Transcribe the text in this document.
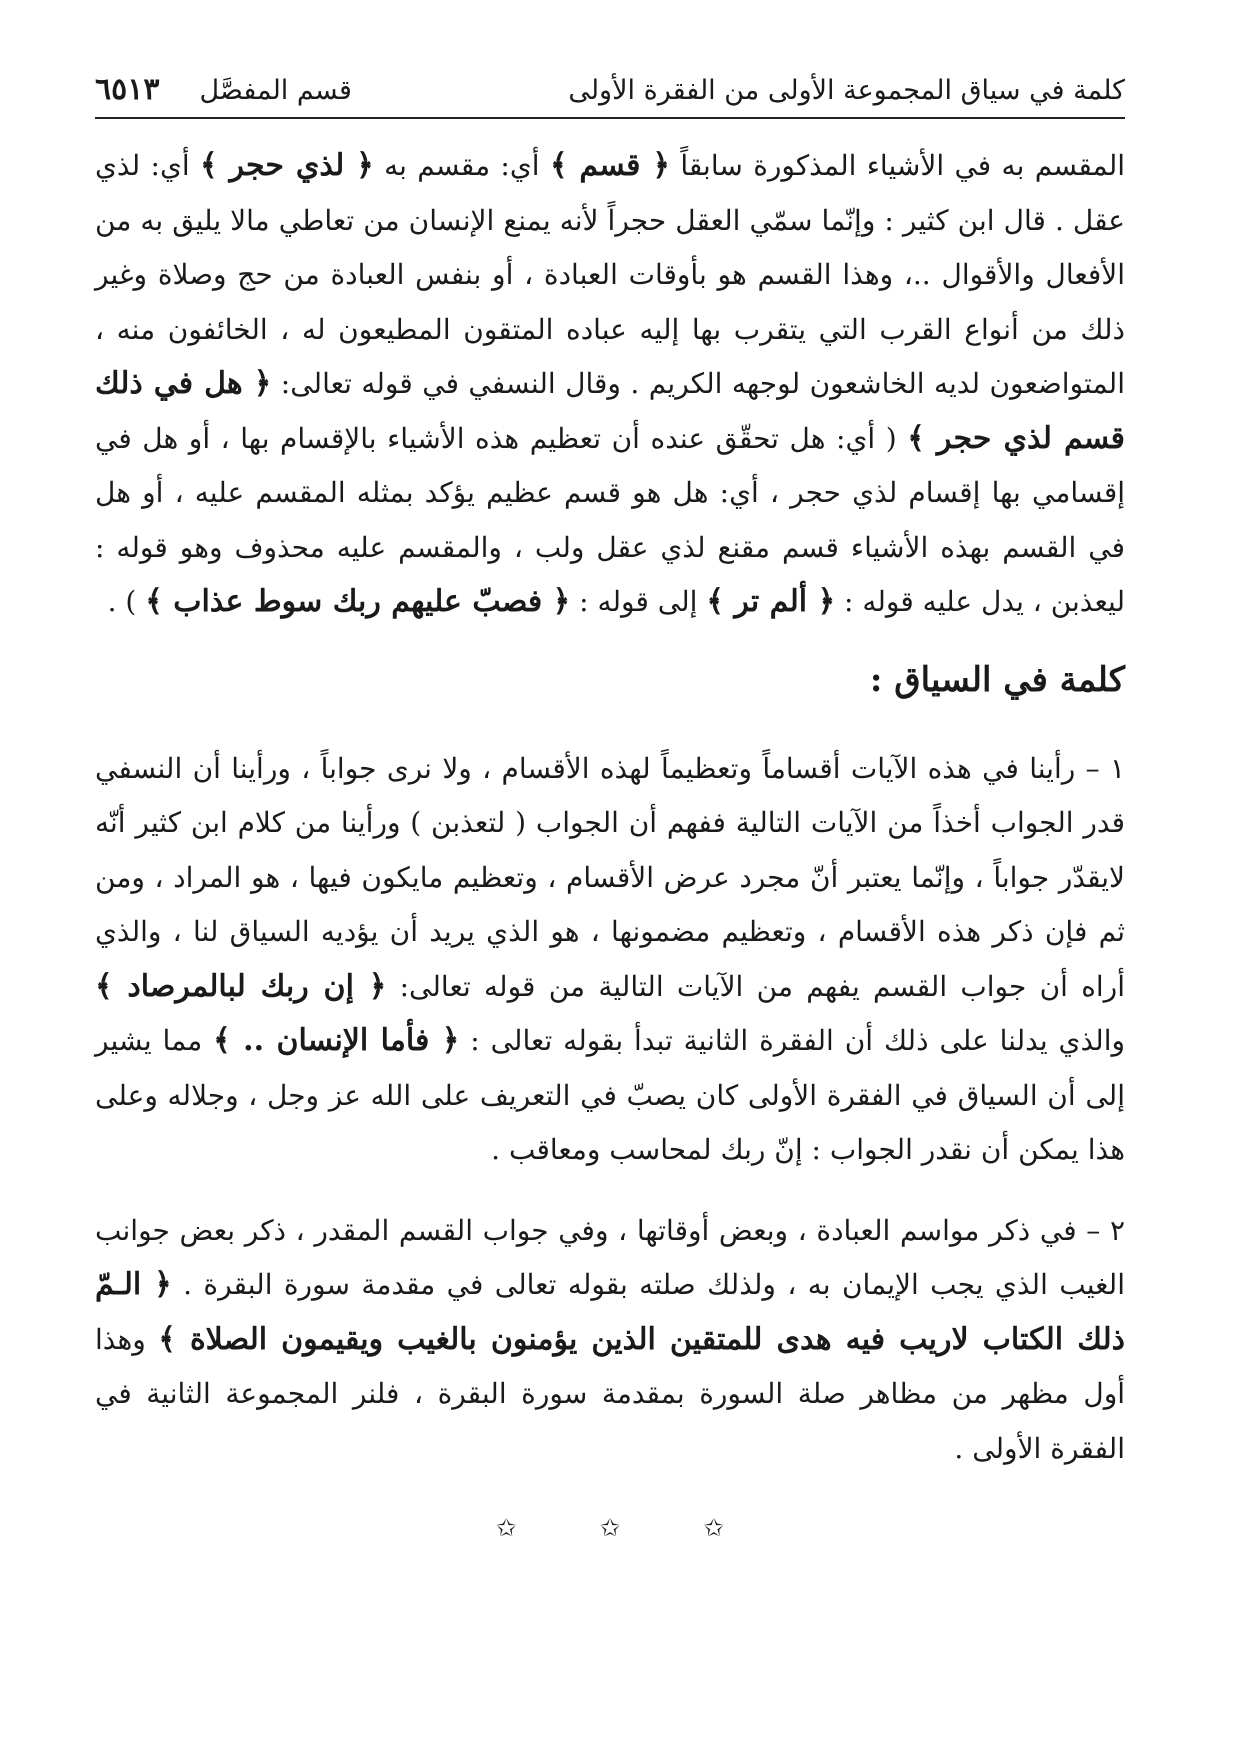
كلمة في سياق المجموعة الأولى من الفقرة الأولى
قسم المفصَّل
٦٥١٣

المقسم به في الأشياء المذكورة سابقاً ﴿ قسم ﴾ أي: مقسم به ﴿ لذي حجر ﴾ أي: لذي عقل . قال ابن كثير : وإنّما سمّي العقل حجراً لأنه يمنع الإنسان من تعاطي مالا يليق به من الأفعال والأقوال ..، وهذا القسم هو بأوقات العبادة ، أو بنفس العبادة من حج وصلاة وغير ذلك من أنواع القرب التي يتقرب بها إليه عباده المتقون المطيعون له ، الخائفون منه ، المتواضعون لديه الخاشعون لوجهه الكريم . وقال النسفي في قوله تعالى: ﴿ هل في ذلك قسم لذي حجر ﴾ ( أي: هل تحقّق عنده أن تعظيم هذه الأشياء بالإقسام بها ، أو هل في إقسامي بها إقسام لذي حجر ، أي: هل هو قسم عظيم يؤكد بمثله المقسم عليه ، أو هل في القسم بهذه الأشياء قسم مقنع لذي عقل ولب ، والمقسم عليه محذوف وهو قوله : ليعذبن ، يدل عليه قوله : ﴿ ألم تر ﴾ إلى قوله : ﴿ فصبّ عليهم ربك سوط عذاب ﴾ ) .

كلمة في السياق :

١ – رأينا في هذه الآيات أقساماً وتعظيماً لهذه الأقسام ، ولا نرى جواباً ، ورأينا أن النسفي قدر الجواب أخذاً من الآيات التالية ففهم أن الجواب ( لتعذبن ) ورأينا من كلام ابن كثير أنّه لايقدّر جواباً ، وإنّما يعتبر أنّ مجرد عرض الأقسام ، وتعظيم مايكون فيها ، هو المراد ، ومن ثم فإن ذكر هذه الأقسام ، وتعظيم مضمونها ، هو الذي يريد أن يؤديه السياق لنا ، والذي أراه أن جواب القسم يفهم من الآيات التالية من قوله تعالى: ﴿ إن ربك لبالمرصاد ﴾ والذي يدلنا على ذلك أن الفقرة الثانية تبدأ بقوله تعالى : ﴿ فأما الإنسان .. ﴾ مما يشير إلى أن السياق في الفقرة الأولى كان يصبّ في التعريف على الله عز وجل ، وجلاله وعلى هذا يمكن أن نقدر الجواب : إنّ ربك لمحاسب ومعاقب .

٢ – في ذكر مواسم العبادة ، وبعض أوقاتها ، وفي جواب القسم المقدر ، ذكر بعض جوانب الغيب الذي يجب الإيمان به ، ولذلك صلته بقوله تعالى في مقدمة سورة البقرة . ﴿ الـمّ ذلك الكتاب لاريب فيه هدى للمتقين الذين يؤمنون بالغيب ويقيمون الصلاة ﴾ وهذا أول مظهر من مظاهر صلة السورة بمقدمة سورة البقرة ، فلنر المجموعة الثانية في الفقرة الأولى .

✩ ✩ ✩
